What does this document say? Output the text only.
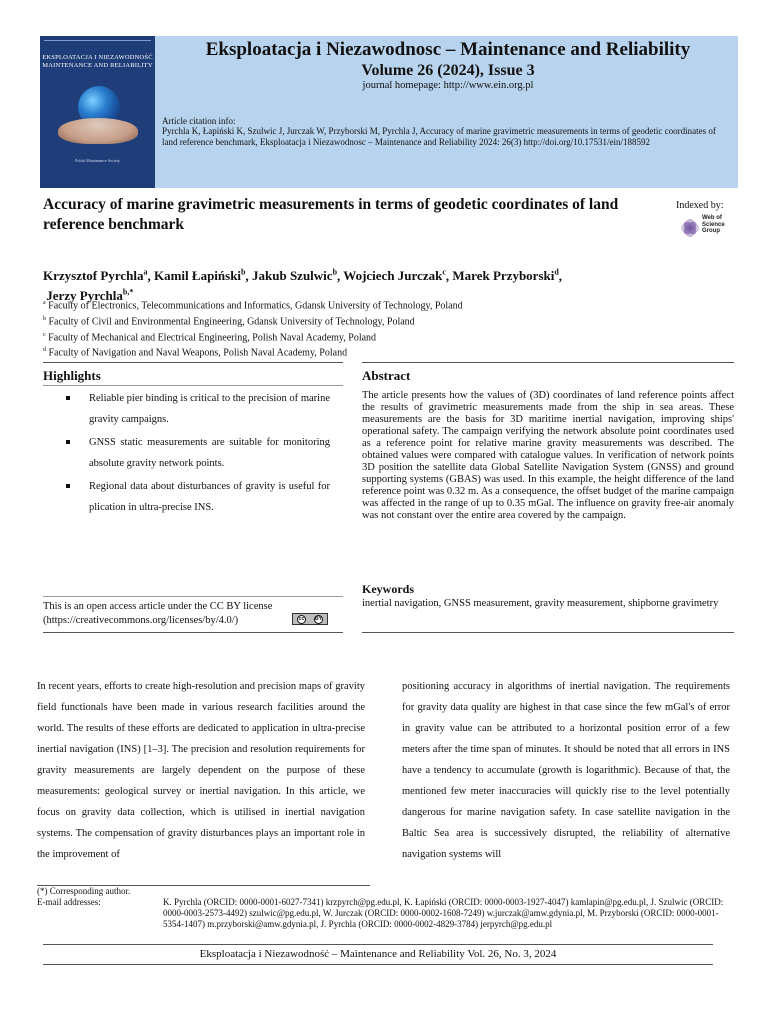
EKSPLOATACJA I NIEZAWODNOŚĆ MAINTENANCE AND RELIABILITY
Polish Maintenance Society
Eksploatacja i Niezawodnosc – Maintenance and Reliability
Volume 26 (2024), Issue 3
journal homepage: http://www.ein.org.pl
Article citation info:
Pyrchla K, Łapiński K, Szulwic J, Jurczak W, Przyborski M, Pyrchla J, Accuracy of marine gravimetric measurements in terms of geodetic coordinates of land reference benchmark, Eksploatacja i Niezawodnosc – Maintenance and Reliability 2024: 26(3) http://doi.org/10.17531/ein/188592
Accuracy of marine gravimetric measurements in terms of geodetic coordinates of land reference benchmark
Indexed by:
Web of
Science
Group
Krzysztof Pyrchla$^a$, Kamil Łapiński$^b$, Jakub Szulwic$^b$, Wojciech Jurczak$^c$, Marek Przyborski$^d$,
Jerzy Pyrchla$^{b,*}$
$^a$ Faculty of Electronics, Telecommunications and Informatics, Gdansk University of Technology, Poland
$^b$ Faculty of Civil and Environmental Engineering, Gdansk University of Technology, Poland
$^c$ Faculty of Mechanical and Electrical Engineering, Polish Naval Academy, Poland
$^d$ Faculty of Navigation and Naval Weapons, Polish Naval Academy, Poland
Highlights
Reliable pier binding is critical to the precision of marine gravity campaigns.
GNSS static measurements are suitable for monitoring absolute gravity network points.
Regional data about disturbances of gravity is useful for plication in ultra-precise INS.
This is an open access article under the CC BY license (https://creativecommons.org/licenses/by/4.0/)	cc	BY
Abstract
The article presents how the values of (3D) coordinates of land reference points affect the results of gravimetric measurements made from the ship in sea areas. These measurements are the basis for 3D maritime inertial navigation, improving ships' operational safety. The campaign verifying the network absolute point coordinates used as a reference point for relative marine gravity measurements was described. The obtained values were compared with catalogue values. In verification of network points 3D position the satellite data Global Satellite Navigation System (GNSS) and ground supporting systems (GBAS) was used. In this example, the height difference of the land reference point was 0.32 m. As a consequence, the offset budget of the marine campaign was affected in the range of up to 0.35 mGal. The influence on gravity free-air anomaly was not constant over the entire area covered by the campaign.
Keywords
inertial navigation, GNSS measurement, gravity measurement, shipborne gravimetry
In recent years, efforts to create high-resolution and precision maps of gravity field functionals have been made in various research facilities around the world. The results of these efforts are dedicated to application in ultra-precise inertial navigation (INS) [1–3]. The precision and resolution requirements for gravity measurements are largely dependent on the purpose of these measurements: geological survey or inertial navigation. In this article, we focus on gravity data collection, which is utilised in inertial navigation systems. The compensation of gravity disturbances plays an important role in the improvement of
positioning accuracy in algorithms of inertial navigation. The requirements for gravity data quality are highest in that case since the few mGal's of error in gravity value can be attributed to a horizontal position error of a few meters after the time span of minutes. It should be noted that all errors in INS have a tendency to accumulate (growth is logarithmic). Because of that, the mentioned few meter inaccuracies will quickly rise to the level potentially dangerous for marine navigation safety. In case satellite navigation in the Baltic Sea area is successively disrupted, the reliability of alternative navigation systems will
(*) Corresponding author.
E-mail addresses:	K. Pyrchla (ORCID: 0000-0001-6027-7341) krzpyrch@pg.edu.pl, K. Łapiński (ORCID: 0000-0003-1927-4047) kamlapin@pg.edu.pl, J. Szulwic (ORCID: 0000-0003-2573-4492) szulwic@pg.edu.pl, W. Jurczak (ORCID: 0000-0002-1608-7249) w.jurczak@amw.gdynia.pl, M. Przyborski (ORCID: 0000-0001-5354-1407) m.przyborski@amw.gdynia.pl, J. Pyrchla (ORCID: 0000-0002-4829-3784) jerpyrch@pg.edu.pl
Eksploatacja i Niezawodność – Maintenance and Reliability Vol. 26, No. 3, 2024
